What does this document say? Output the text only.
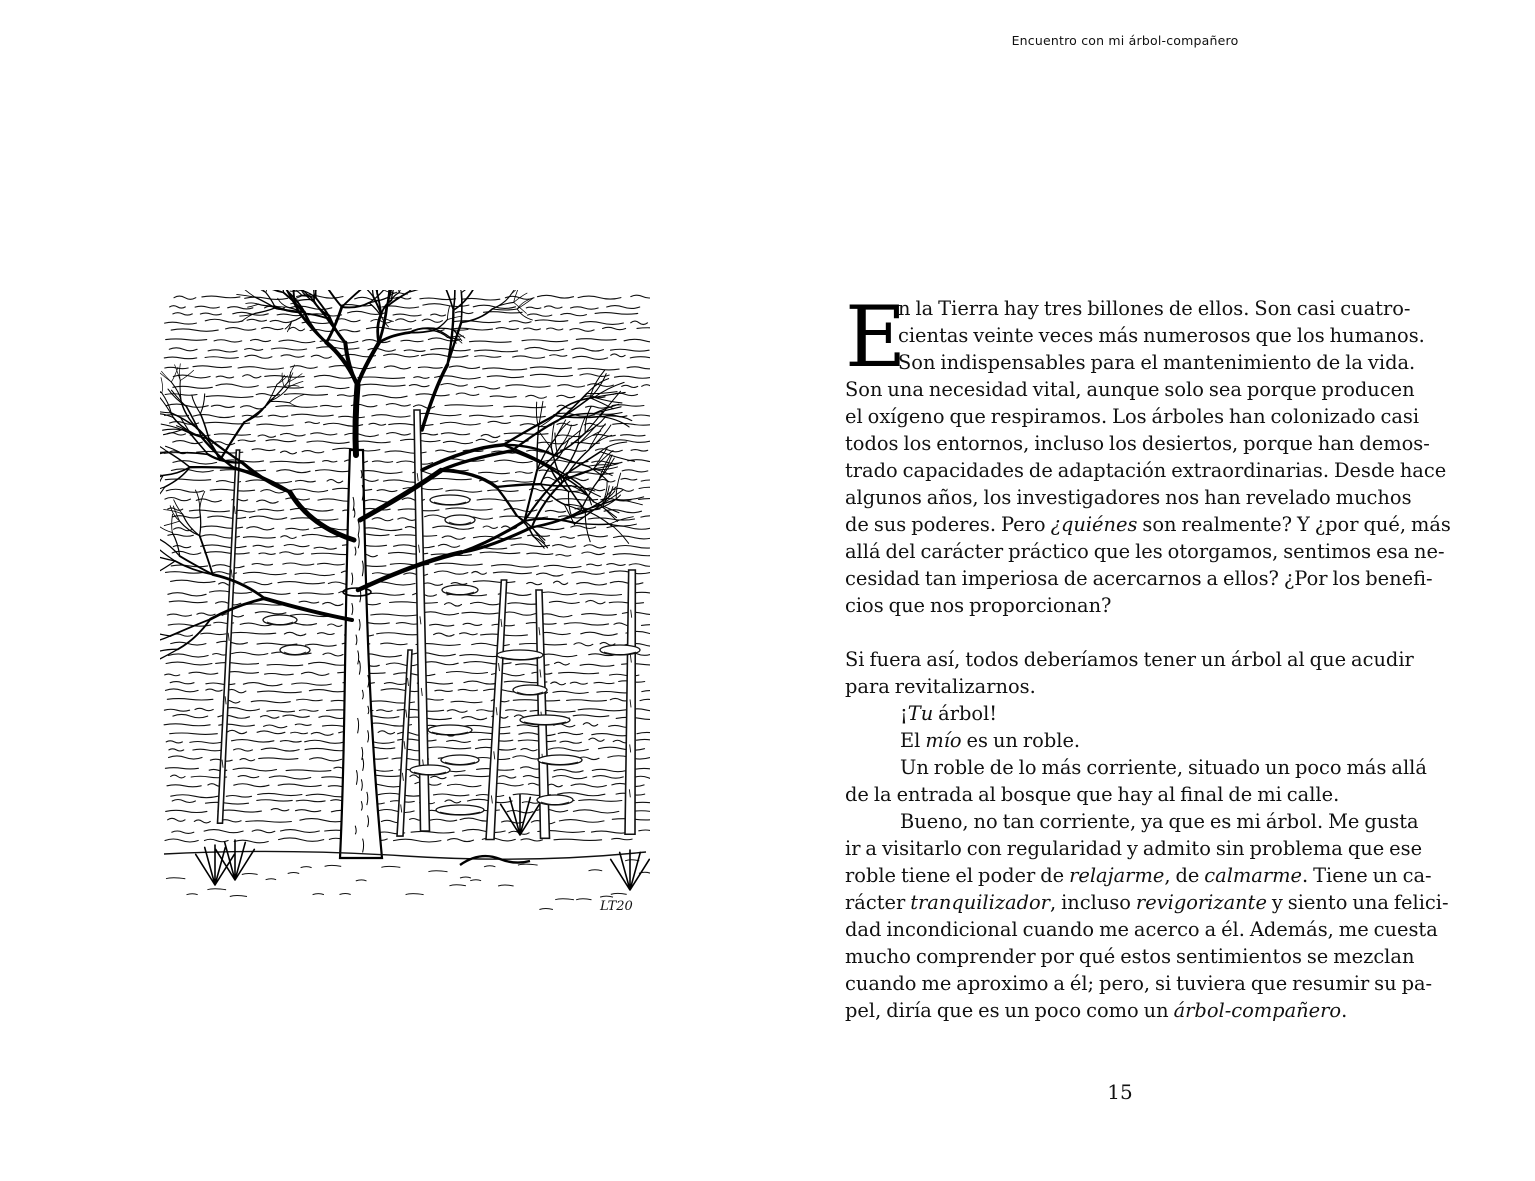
Encuentro con mi árbol-compañero
LT20
E
n la Tierra hay tres billones de ellos. Son casi cuatro-
cientas veinte veces más numerosos que los humanos.
Son indispensables para el mantenimiento de la vida.
Son una necesidad vital, aunque solo sea porque producen
el oxígeno que respiramos. Los árboles han colonizado casi
todos los entornos, incluso los desiertos, porque han demos-
trado capacidades de adaptación extraordinarias. Desde hace
algunos años, los investigadores nos han revelado muchos
de sus poderes. Pero ¿quiénes son realmente? Y ¿por qué, más
allá del carácter práctico que les otorgamos, sentimos esa ne-
cesidad tan imperiosa de acercarnos a ellos? ¿Por los benefi-
cios que nos proporcionan?
Si fuera así, todos deberíamos tener un árbol al que acudir
para revitalizarnos.
¡Tu árbol!
El mío es un roble.
Un roble de lo más corriente, situado un poco más allá
de la entrada al bosque que hay al final de mi calle.
Bueno, no tan corriente, ya que es mi árbol. Me gusta
ir a visitarlo con regularidad y admito sin problema que ese
roble tiene el poder de relajarme, de calmarme. Tiene un ca-
rácter tranquilizador, incluso revigorizante y siento una felici-
dad incondicional cuando me acerco a él. Además, me cuesta
mucho comprender por qué estos sentimientos se mezclan
cuando me aproximo a él; pero, si tuviera que resumir su pa-
pel, diría que es un poco como un árbol-compañero.
15
